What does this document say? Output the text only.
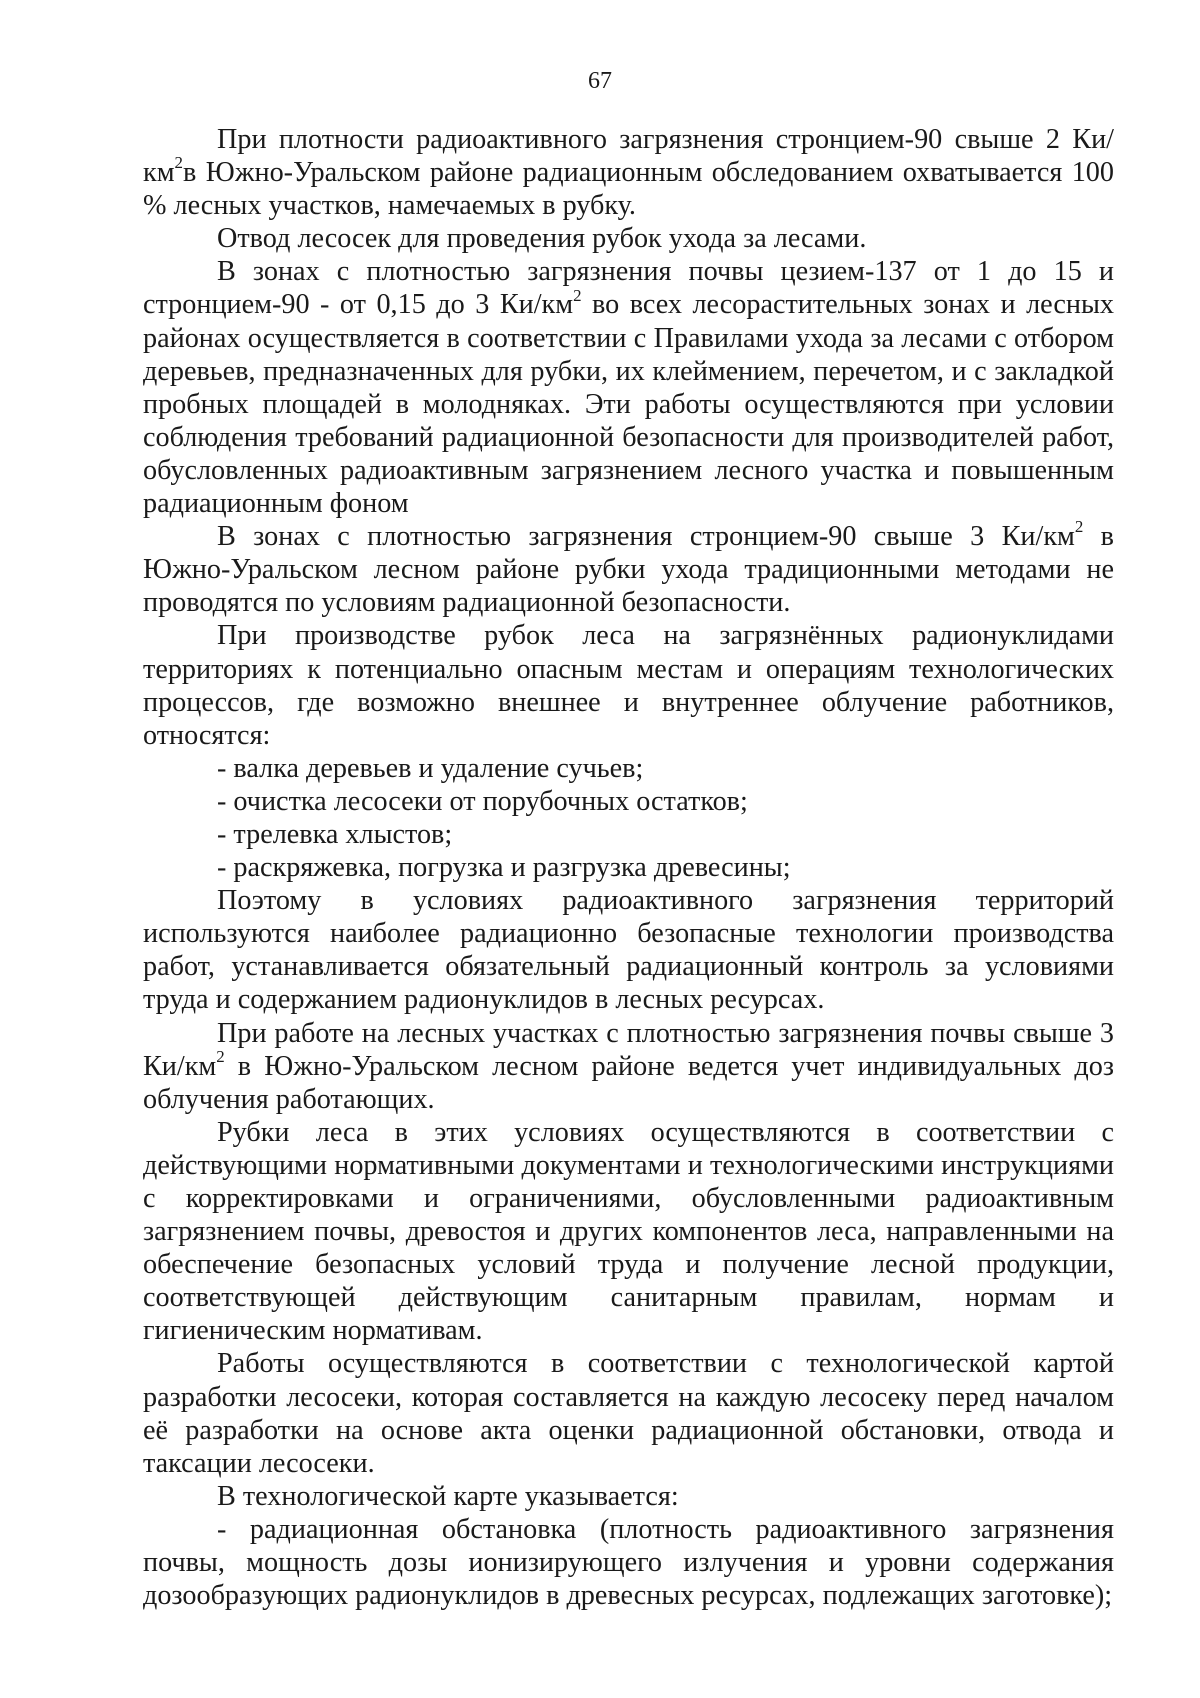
67

При плотности радиоактивного загрязнения стронцием-90 свыше 2 $Ки/км^2в$ Южно-Уральском районе радиационным обследованием охватывается 100 % лесных участков, намечаемых в рубку.

Отвод лесосек для проведения рубок ухода за лесами.

В зонах с плотностью загрязнения почвы цезием-137 от 1 до 15 и стронцием-90 - от 0,15 до 3 $Ки/км^2$ во всех лесорастительных зонах и лесных районах осуществляется в соответствии с Правилами ухода за лесами с отбором деревьев, предназначенных для рубки, их клеймением, перечетом, и с закладкой пробных площадей в молодняках. Эти работы осуществляются при условии соблюдения требований радиационной безопасности для производителей работ, обусловленных радиоактивным загрязнением лесного участка и повышенным радиационным фоном

В зонах с плотностью загрязнения стронцием-90 свыше 3 $Ки/км^2$ в Южно-Уральском лесном районе рубки ухода традиционными методами не проводятся по условиям радиационной безопасности.

При производстве рубок леса на загрязнённых радионуклидами территориях к потенциально опасным местам и операциям технологических процессов, где возможно внешнее и внутреннее облучение работников, относятся:

- валка деревьев и удаление сучьев;

- очистка лесосеки от порубочных остатков;

- трелевка хлыстов;

- раскряжевка, погрузка и разгрузка древесины;

Поэтому в условиях радиоактивного загрязнения территорий используются наиболее радиационно безопасные технологии производства работ, устанавливается обязательный радиационный контроль за условиями труда и содержанием радионуклидов в лесных ресурсах.

При работе на лесных участках с плотностью загрязнения почвы свыше 3 $Ки/км^2$ в Южно-Уральском лесном районе ведется учет индивидуальных доз облучения работающих.

Рубки леса в этих условиях осуществляются в соответствии с действующими нормативными документами и технологическими инструкциями с корректировками и ограничениями, обусловленными радиоактивным загрязнением почвы, древостоя и других компонентов леса, направленными на обеспечение безопасных условий труда и получение лесной продукции, соответствующей действующим санитарным правилам, нормам и гигиеническим нормативам.

Работы осуществляются в соответствии с технологической картой разработки лесосеки, которая составляется на каждую лесосеку перед началом её разработки на основе акта оценки радиационной обстановки, отвода и таксации лесосеки.

В технологической карте указывается:

- радиационная обстановка (плотность радиоактивного загрязнения почвы, мощность дозы ионизирующего излучения и уровни содержания дозообразующих радионуклидов в древесных ресурсах, подлежащих заготовке);
